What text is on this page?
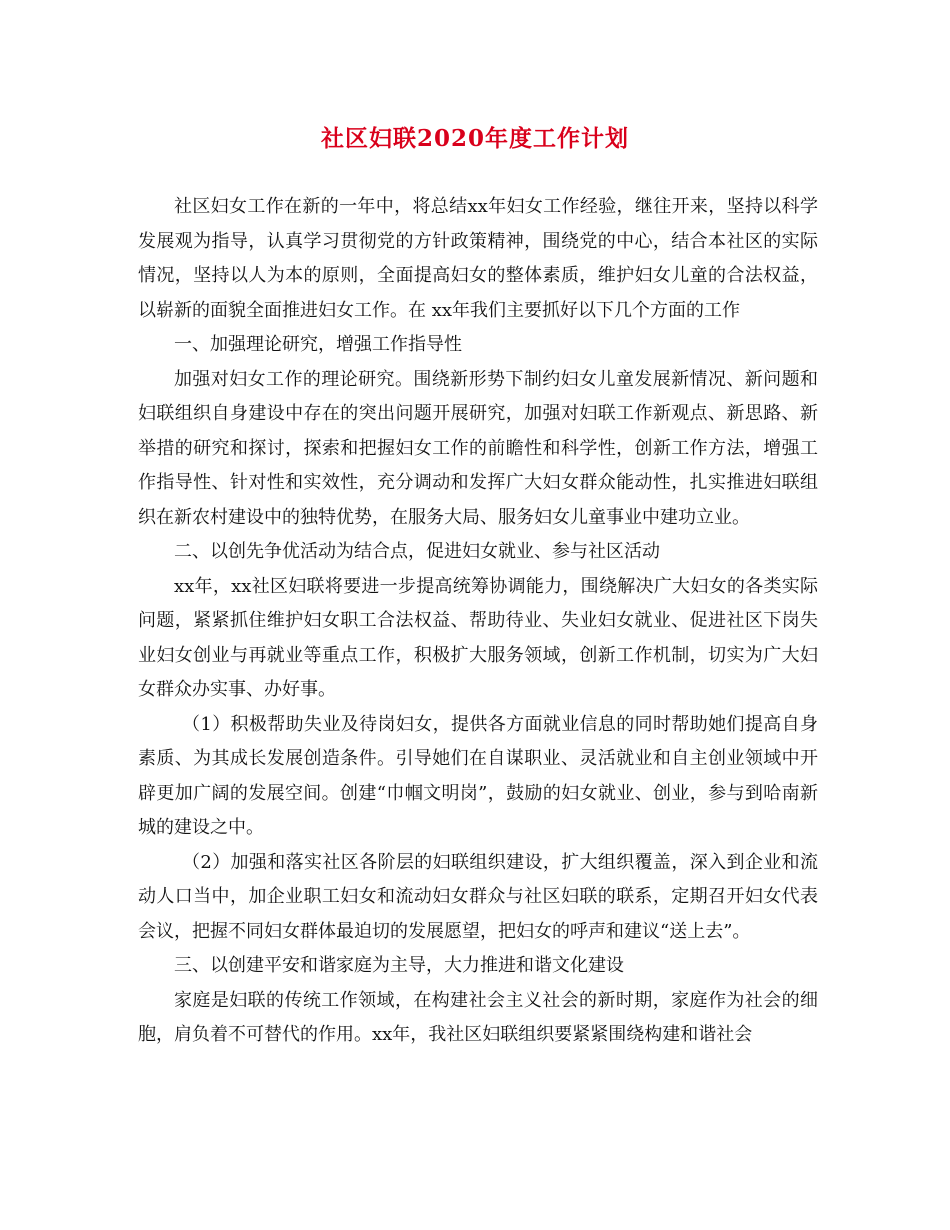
社区妇联2020年度工作计划

社区妇女工作在新的一年中，将总结xx年妇女工作经验，继往开来，坚持以科学发展观为指导，认真学习贯彻党的方针政策精神，围绕党的中心，结合本社区的实际情况，坚持以人为本的原则，全面提高妇女的整体素质，维护妇女儿童的合法权益，以崭新的面貌全面推进妇女工作。在 xx年我们主要抓好以下几个方面的工作

一、加强理论研究，增强工作指导性

加强对妇女工作的理论研究。围绕新形势下制约妇女儿童发展新情况、新问题和妇联组织自身建设中存在的突出问题开展研究，加强对妇联工作新观点、新思路、新举措的研究和探讨，探索和把握妇女工作的前瞻性和科学性，创新工作方法，增强工作指导性、针对性和实效性，充分调动和发挥广大妇女群众能动性，扎实推进妇联组织在新农村建设中的独特优势，在服务大局、服务妇女儿童事业中建功立业。

二、以创先争优活动为结合点，促进妇女就业、参与社区活动

xx年，xx社区妇联将要进一步提高统筹协调能力，围绕解决广大妇女的各类实际问题，紧紧抓住维护妇女职工合法权益、帮助待业、失业妇女就业、促进社区下岗失业妇女创业与再就业等重点工作，积极扩大服务领域，创新工作机制，切实为广大妇女群众办实事、办好事。

（1）积极帮助失业及待岗妇女，提供各方面就业信息的同时帮助她们提高自身素质、为其成长发展创造条件。引导她们在自谋职业、灵活就业和自主创业领域中开辟更加广阔的发展空间。创建“巾帼文明岗”，鼓励的妇女就业、创业，参与到哈南新城的建设之中。

（2）加强和落实社区各阶层的妇联组织建设，扩大组织覆盖，深入到企业和流动人口当中，加企业职工妇女和流动妇女群众与社区妇联的联系，定期召开妇女代表会议，把握不同妇女群体最迫切的发展愿望，把妇女的呼声和建议“送上去”。

三、以创建平安和谐家庭为主导，大力推进和谐文化建设

家庭是妇联的传统工作领域，在构建社会主义社会的新时期，家庭作为社会的细胞，肩负着不可替代的作用。xx年，我社区妇联组织要紧紧围绕构建和谐社会
